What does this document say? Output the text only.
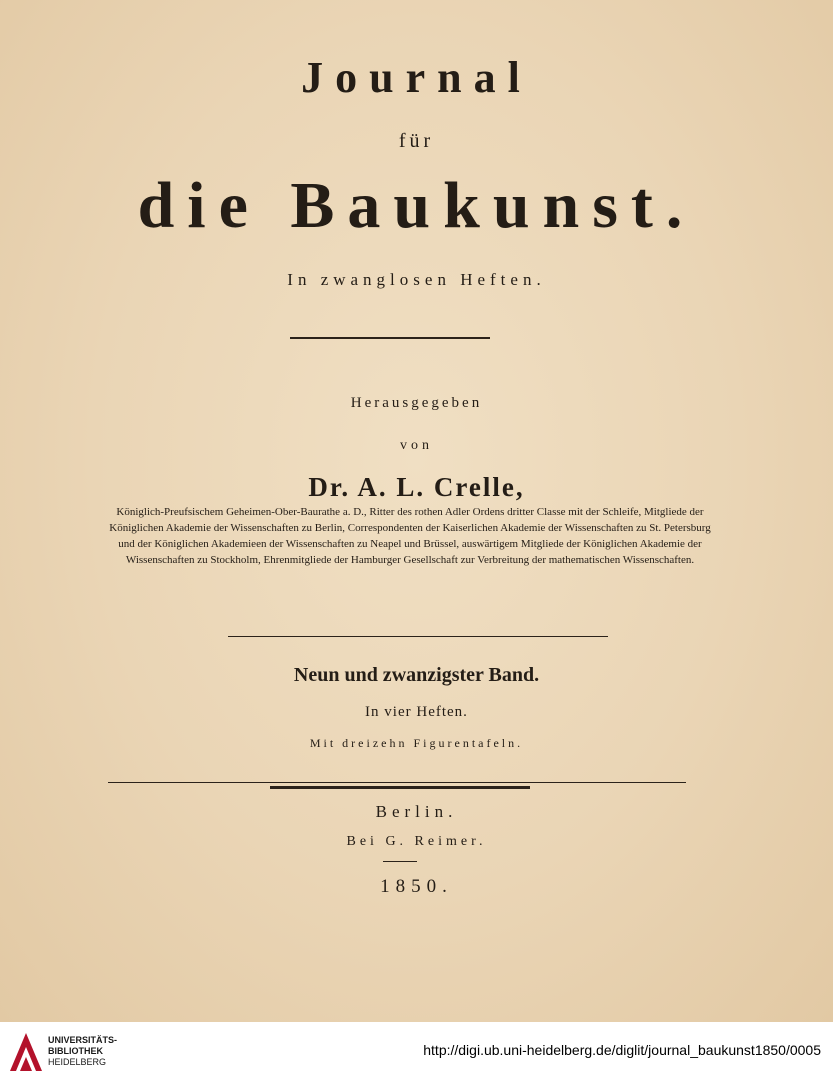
Journal
für
die Baukunst.
In zwanglosen Heften.
Herausgegeben
von
Dr. A. L. Crelle,
Königlich-Preufsischem Geheimen-Ober-Baurathe a. D., Ritter des rothen Adler Ordens dritter Classe mit der Schleife, Mitgliede der Königlichen Akademie der Wissenschaften zu Berlin, Correspondenten der Kaiserlichen Akademie der Wissenschaften zu St. Petersburg und der Königlichen Akademieen der Wissenschaften zu Neapel und Brüssel, auswärtigem Mitgliede der Königlichen Akademie der Wissenschaften zu Stockholm, Ehrenmitgliede der Hamburger Gesellschaft zur Verbreitung der mathematischen Wissenschaften.
Neun und zwanzigster Band.
In vier Heften.
Mit dreizehn Figurentafeln.
Berlin.
Bei G. Reimer.
1850.
UNIVERSITÄTS-
BIBLIOTHEK
HEIDELBERG
http://digi.ub.uni-heidelberg.de/diglit/journal_baukunst1850/0005
